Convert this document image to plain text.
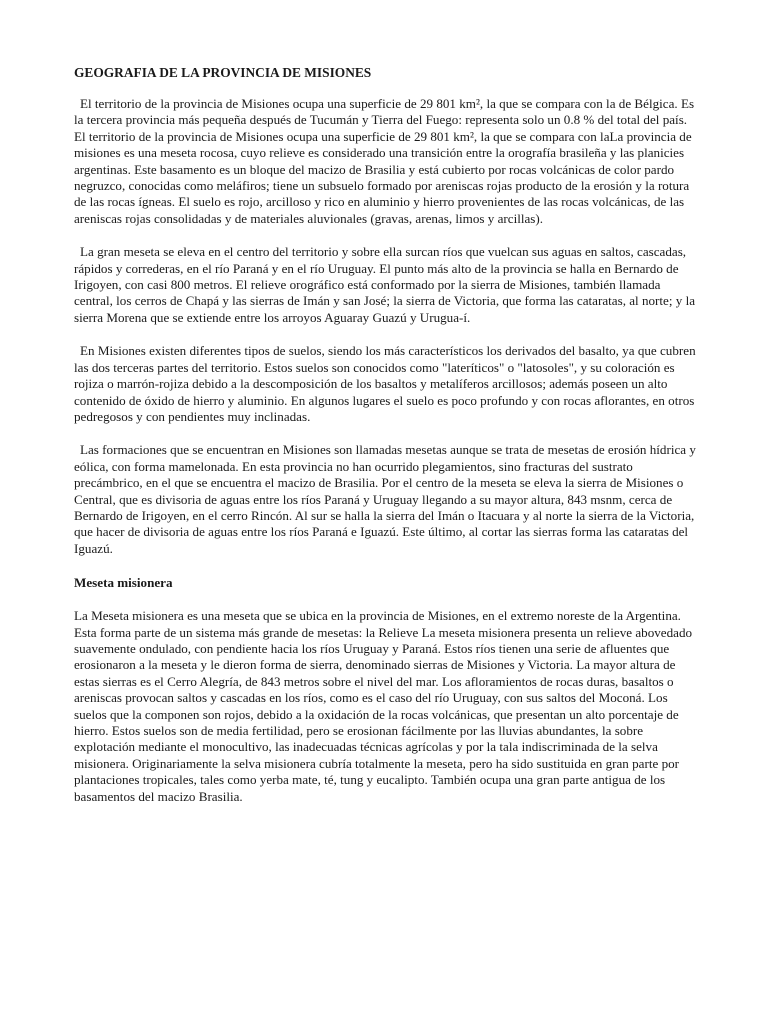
GEOGRAFIA DE LA PROVINCIA DE MISIONES

El territorio de la provincia de Misiones ocupa una superficie de 29 801 km², la que se compara con la de Bélgica. Es la tercera provincia más pequeña después de Tucumán y Tierra del Fuego: representa solo un 0.8 % del total del país. El territorio de la provincia de Misiones ocupa una superficie de 29 801 km², la que se compara con laLa provincia de misiones es una meseta rocosa, cuyo relieve es considerado una transición entre la orografía brasileña y las planicies argentinas. Este basamento es un bloque del macizo de Brasilia y está cubierto por rocas volcánicas de color pardo negruzco, conocidas como meláfiros; tiene un subsuelo formado por areniscas rojas producto de la erosión y la rotura de las rocas ígneas. El suelo es rojo, arcilloso y rico en aluminio y hierro provenientes de las rocas volcánicas, de las areniscas rojas consolidadas y de materiales aluvionales (gravas, arenas, limos y arcillas).

La gran meseta se eleva en el centro del territorio y sobre ella surcan ríos que vuelcan sus aguas en saltos, cascadas, rápidos y correderas, en el río Paraná y en el río Uruguay. El punto más alto de la provincia se halla en Bernardo de Irigoyen, con casi 800 metros. El relieve orográfico está conformado por la sierra de Misiones, también llamada central, los cerros de Chapá y las sierras de Imán y san José; la sierra de Victoria, que forma las cataratas, al norte; y la sierra Morena que se extiende entre los arroyos Aguaray Guazú y Urugua-í.

En Misiones existen diferentes tipos de suelos, siendo los más característicos los derivados del basalto, ya que cubren las dos terceras partes del territorio. Estos suelos son conocidos como "lateríticos" o "latosoles", y su coloración es rojiza o marrón-rojiza debido a la descomposición de los basaltos y metalíferos arcillosos; además poseen un alto contenido de óxido de hierro y aluminio. En algunos lugares el suelo es poco profundo y con rocas aflorantes, en otros pedregosos y con pendientes muy inclinadas.

Las formaciones que se encuentran en Misiones son llamadas mesetas aunque se trata de mesetas de erosión hídrica y eólica, con forma mamelonada. En esta provincia no han ocurrido plegamientos, sino fracturas del sustrato precámbrico, en el que se encuentra el macizo de Brasilia. Por el centro de la meseta se eleva la sierra de Misiones o Central, que es divisoria de aguas entre los ríos Paraná y Uruguay llegando a su mayor altura, 843 msnm, cerca de Bernardo de Irigoyen, en el cerro Rincón. Al sur se halla la sierra del Imán o Itacuara y al norte la sierra de la Victoria, que hacer de divisoria de aguas entre los ríos Paraná e Iguazú. Este último, al cortar las sierras forma las cataratas del Iguazú.

Meseta misionera

La Meseta misionera es una meseta que se ubica en la provincia de Misiones, en el extremo noreste de la Argentina. Esta forma parte de un sistema más grande de mesetas: la Relieve La meseta misionera presenta un relieve abovedado suavemente ondulado, con pendiente hacia los ríos Uruguay y Paraná. Estos ríos tienen una serie de afluentes que erosionaron a la meseta y le dieron forma de sierra, denominado sierras de Misiones y Victoria. La mayor altura de estas sierras es el Cerro Alegría, de 843 metros sobre el nivel del mar. Los afloramientos de rocas duras, basaltos o areniscas provocan saltos y cascadas en los ríos, como es el caso del río Uruguay, con sus saltos del Moconá. Los suelos que la componen son rojos, debido a la oxidación de la rocas volcánicas, que presentan un alto porcentaje de hierro. Estos suelos son de media fertilidad, pero se erosionan fácilmente por las lluvias abundantes, la sobre explotación mediante el monocultivo, las inadecuadas técnicas agrícolas y por la tala indiscriminada de la selva misionera. Originariamente la selva misionera cubría totalmente la meseta, pero ha sido sustituida en gran parte por plantaciones tropicales, tales como yerba mate, té, tung y eucalipto. También ocupa una gran parte antigua de los basamentos del macizo Brasilia.
